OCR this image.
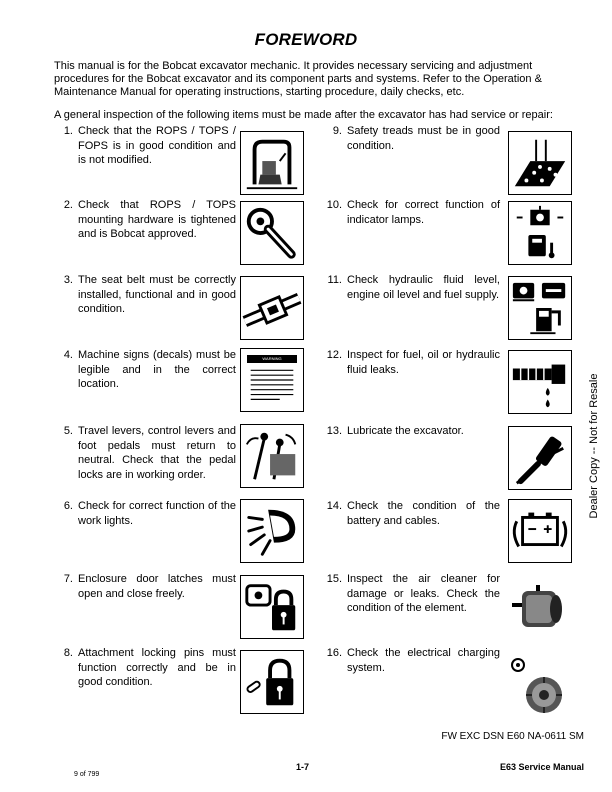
FOREWORD
This manual is for the Bobcat excavator mechanic. It provides necessary servicing and adjustment procedures for the Bobcat excavator and its component parts and systems. Refer to the Operation & Maintenance Manual for operating instructions, starting procedure, daily checks, etc.
A general inspection of the following items must be made after the excavator has had service or repair:
1. Check that the ROPS / TOPS / FOPS is in good condition and is not modified.
2. Check that ROPS / TOPS mounting hardware is tightened and is Bobcat approved.
3. The seat belt must be correctly installed, functional and in good condition.
4. Machine signs (decals) must be legible and in the correct location.
WARNING
5. Travel levers, control levers and foot pedals must return to neutral. Check that the pedal locks are in working order.
6. Check for correct function of the work lights.
7. Enclosure door latches must open and close freely.
8. Attachment locking pins must function correctly and be in good condition.
9. Safety treads must be in good condition.
10. Check for correct function of indicator lamps.
11. Check hydraulic fluid level, engine oil level and fuel supply.
12. Inspect for fuel, oil or hydraulic fluid leaks.
13. Lubricate the excavator.
14. Check the condition of the battery and cables.
15. Inspect the air cleaner for damage or leaks. Check the condition of the element.
16. Check the electrical charging system.
Dealer Copy -- Not for Resale
FW EXC DSN E60 NA-0611 SM
1-7	E63 Service Manual
9 of 799
